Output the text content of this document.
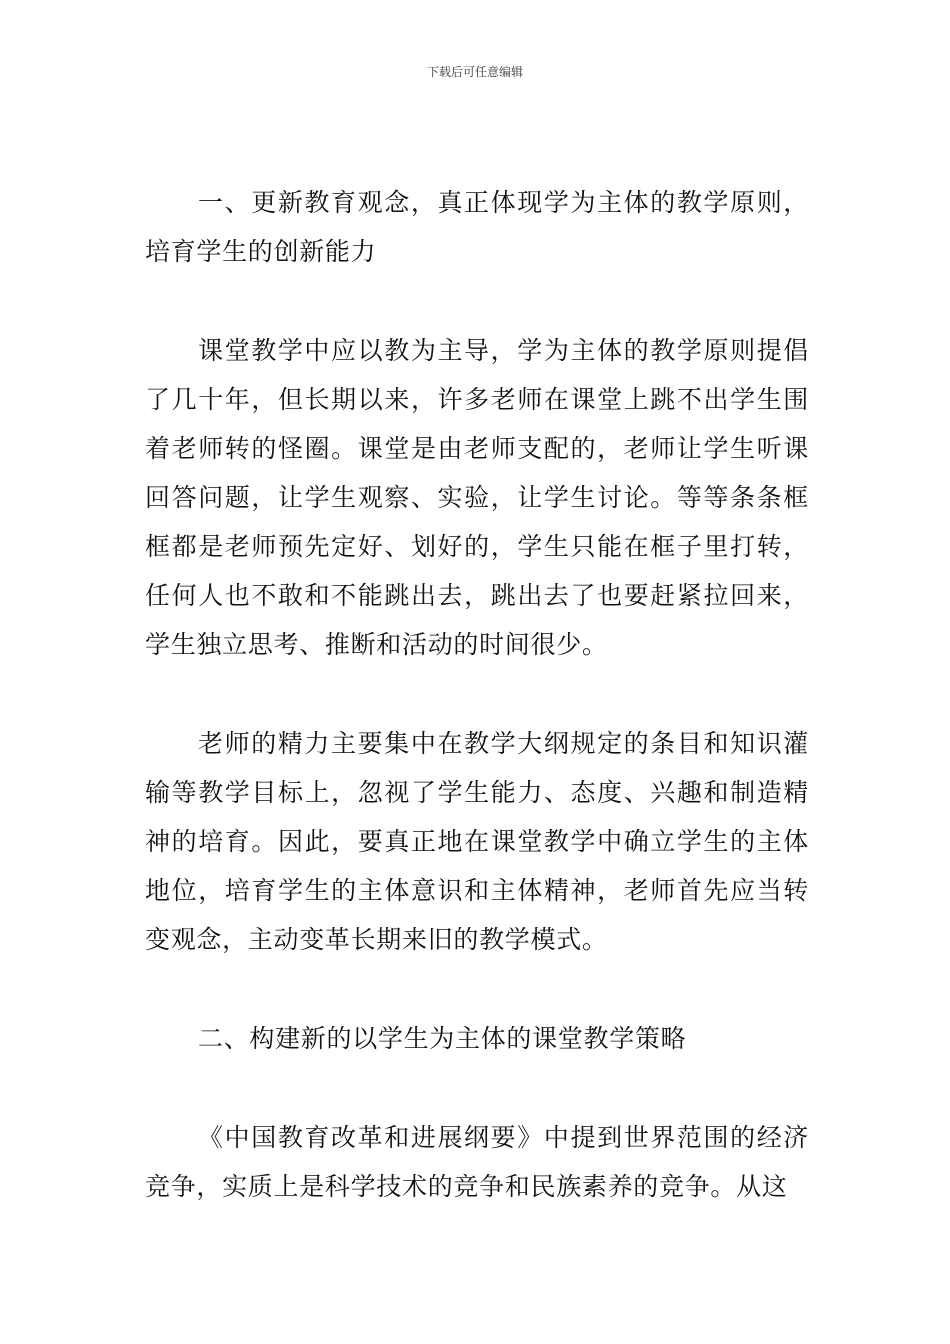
下载后可任意编辑

一、更新教育观念，真正体现学为主体的教学原则，培育学生的创新能力

课堂教学中应以教为主导，学为主体的教学原则提倡了几十年，但长期以来，许多老师在课堂上跳不出学生围着老师转的怪圈。课堂是由老师支配的，老师让学生听课回答问题，让学生观察、实验，让学生讨论。等等条条框框都是老师预先定好、划好的，学生只能在框子里打转，任何人也不敢和不能跳出去，跳出去了也要赶紧拉回来，学生独立思考、推断和活动的时间很少。

老师的精力主要集中在教学大纲规定的条目和知识灌输等教学目标上，忽视了学生能力、态度、兴趣和制造精神的培育。因此，要真正地在课堂教学中确立学生的主体地位，培育学生的主体意识和主体精神，老师首先应当转变观念，主动变革长期来旧的教学模式。

二、构建新的以学生为主体的课堂教学策略

《中国教育改革和进展纲要》中提到世界范围的经济竞争，实质上是科学技术的竞争和民族素养的竞争。从这
